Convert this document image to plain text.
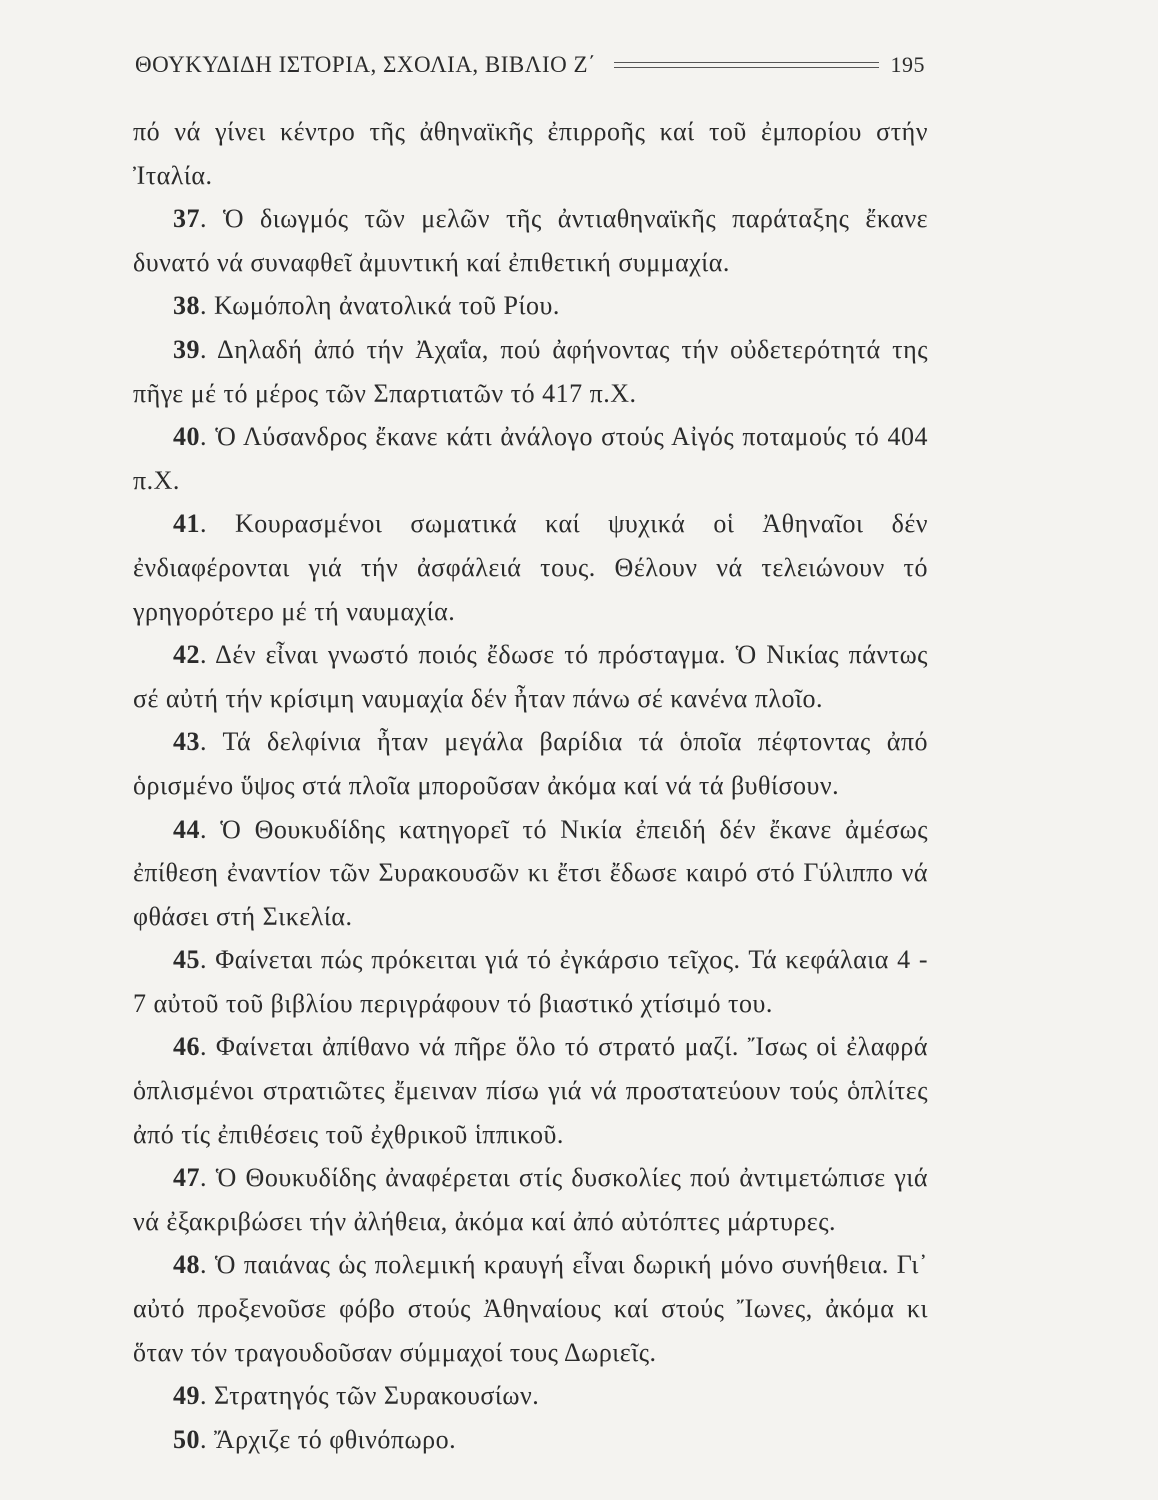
ΘΟΥΚΥΔΙΔΗ ΙΣΤΟΡΙΑ, ΣΧΟΛΙΑ, ΒΙΒΛΙΟ Ζ΄	195

πό νά γίνει κέντρο τῆς ἀθηναϊκῆς ἐπιρροῆς καί τοῦ ἐμπορίου στήν Ἰταλία.

37. Ὁ διωγμός τῶν μελῶν τῆς ἀντιαθηναϊκῆς παράταξης ἔκανε δυνατό νά συναφθεῖ ἀμυντική καί ἐπιθετική συμμαχία.

38. Κωμόπολη ἀνατολικά τοῦ Ρίου.

39. Δηλαδή ἀπό τήν Ἀχαΐα, πού ἀφήνοντας τήν οὐδετερότητά της πῆγε μέ τό μέρος τῶν Σπαρτιατῶν τό 417 π.Χ.

40. Ὁ Λύσανδρος ἔκανε κάτι ἀνάλογο στούς Αἰγός ποταμούς τό 404 π.Χ.

41. Κουρασμένοι σωματικά καί ψυχικά οἱ Ἀθηναῖοι δέν ἐνδιαφέρονται γιά τήν ἀσφάλειά τους. Θέλουν νά τελειώνουν τό γρηγορότερο μέ τή ναυμαχία.

42. Δέν εἶναι γνωστό ποιός ἔδωσε τό πρόσταγμα. Ὁ Νικίας πάντως σέ αὐτή τήν κρίσιμη ναυμαχία δέν ἦταν πάνω σέ κανένα πλοῖο.

43. Τά δελφίνια ἦταν μεγάλα βαρίδια τά ὁποῖα πέφτοντας ἀπό ὁρισμένο ὕψος στά πλοῖα μποροῦσαν ἀκόμα καί νά τά βυθίσουν.

44. Ὁ Θουκυδίδης κατηγορεῖ τό Νικία ἐπειδή δέν ἔκανε ἀμέσως ἐπίθεση ἐναντίον τῶν Συρακουσῶν κι ἔτσι ἔδωσε καιρό στό Γύλιππο νά φθάσει στή Σικελία.

45. Φαίνεται πώς πρόκειται γιά τό ἐγκάρσιο τεῖχος. Τά κεφάλαια 4 - 7 αὐτοῦ τοῦ βιβλίου περιγράφουν τό βιαστικό χτίσιμό του.

46. Φαίνεται ἀπίθανο νά πῆρε ὅλο τό στρατό μαζί. Ἴσως οἱ ἐλαφρά ὁπλισμένοι στρατιῶτες ἔμειναν πίσω γιά νά προστατεύουν τούς ὁπλίτες ἀπό τίς ἐπιθέσεις τοῦ ἐχθρικοῦ ἱππικοῦ.

47. Ὁ Θουκυδίδης ἀναφέρεται στίς δυσκολίες πού ἀντιμετώπισε γιά νά ἐξακριβώσει τήν ἀλήθεια, ἀκόμα καί ἀπό αὐτόπτες μάρτυρες.

48. Ὁ παιάνας ὡς πολεμική κραυγή εἶναι δωρική μόνο συνήθεια. Γι᾽ αὐτό προξενοῦσε φόβο στούς Ἀθηναίους καί στούς Ἴωνες, ἀκόμα κι ὅταν τόν τραγουδοῦσαν σύμμαχοί τους Δωριεῖς.

49. Στρατηγός τῶν Συρακουσίων.

50. Ἄρχιζε τό φθινόπωρο.
